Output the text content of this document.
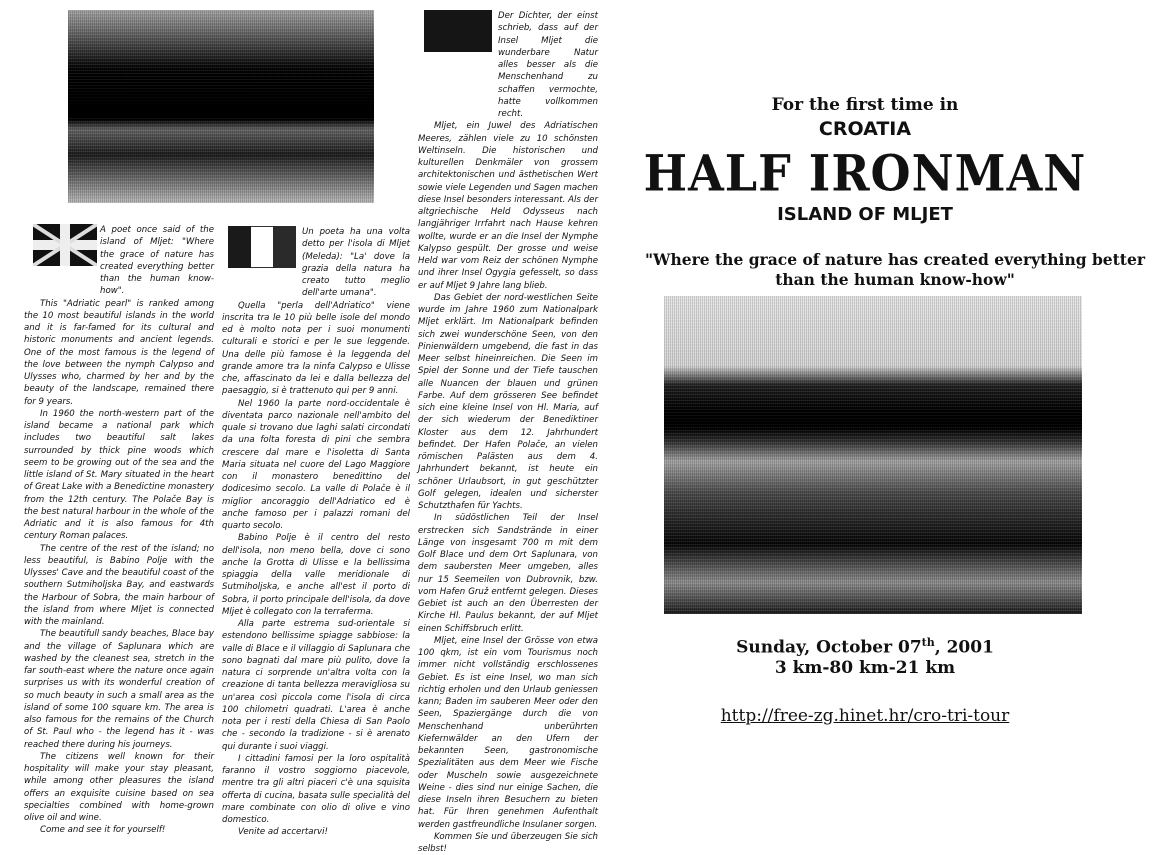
A poet once said of the island of Mljet: "Where the grace of nature has created everything better than the human know-how".

This "Adriatic pearl" is ranked among the 10 most beautiful islands in the world and it is far-famed for its cultural and historic monuments and ancient legends. One of the most famous is the legend of the love between the nymph Calypso and Ulysses who, charmed by her and by the beauty of the landscape, remained there for 9 years.

In 1960 the north-western part of the island became a national park which includes two beautiful salt lakes surrounded by thick pine woods which seem to be growing out of the sea and the little island of St. Mary situated in the heart of Great Lake with a Benedictine monastery from the 12th century. The Polače Bay is the best natural harbour in the whole of the Adriatic and it is also famous for 4th century Roman palaces.

The centre of the rest of the island; no less beautiful, is Babino Polje with the Ulysses' Cave and the beautiful coast of the southern Sutmiholjska Bay, and eastwards the Harbour of Sobra, the main harbour of the island from where Mljet is connected with the mainland.

The beautifull sandy beaches, Blace bay and the village of Saplunara which are washed by the cleanest sea, stretch in the far south-east where the nature once again surprises us with its wonderful creation of so much beauty in such a small area as the island of some 100 square km. The area is also famous for the remains of the Church of St. Paul who - the legend has it - was reached there during his journeys.

The citizens well known for their hospitality will make your stay pleasant, while among other pleasures the island offers an exquisite cuisine based on sea specialties combined with home-grown olive oil and wine.

Come and see it for yourself!

Un poeta ha una volta detto per l'isola di Mljet (Meleda): "La' dove la grazia della natura ha creato tutto meglio dell'arte umana".

Quella "perla dell'Adriatico" viene inscrita tra le 10 più belle isole del mondo ed è molto nota per i suoi monumenti culturali e storici e per le sue leggende. Una delle più famose è la leggenda del grande amore tra la ninfa Calypso e Ulisse che, affascinato da lei e dalla bellezza del paesaggio, si è trattenuto qui per 9 anni.

Nel 1960 la parte nord-occidentale è diventata parco nazionale nell'ambito del quale si trovano due laghi salati circondati da una folta foresta di pini che sembra crescere dal mare e l'isoletta di Santa Maria situata nel cuore del Lago Maggiore con il monastero benedittino del dodicesimo secolo. La valle di Polače è il miglior ancoraggio dell'Adriatico ed è anche famoso per i palazzi romani del quarto secolo.

Babino Polje è il centro del resto dell'isola, non meno bella, dove ci sono anche la Grotta di Ulisse e la bellissima spiaggia della valle meridionale di Sutmiholjska, e anche all'est il porto di Sobra, il porto principale dell'isola, da dove Mljet è collegato con la terraferma.

Alla parte estrema sud-orientale si estendono bellissime spiagge sabbiose: la valle di Blace e il villaggio di Saplunara che sono bagnati dal mare più pulito, dove la natura ci sorprende un'altra volta con la creazione di tanta bellezza meravigliosa su un'area così piccola come l'isola di circa 100 chilometri quadrati. L'area è anche nota per i resti della Chiesa di San Paolo che - secondo la tradizione - si è arenato qui durante i suoi viaggi.

I cittadini famosi per la loro ospitalità faranno il vostro soggiorno piacevole, mentre tra gli altri piaceri c'è una squisita offerta di cucina, basata sulle specialità del mare combinate con olio di olive e vino domestico.

Venite ad accertarvi!

Der Dichter, der einst schrieb, dass auf der Insel Mljet die wunderbare Natur alles besser als die Menschenhand zu schaffen vermochte, hatte vollkommen recht.

Mljet, ein Juwel des Adriatischen Meeres, zählen viele zu 10 schönsten Weltinseln. Die historischen und kulturellen Denkmäler von grossem architektonischen und ästhetischen Wert sowie viele Legenden und Sagen machen diese Insel besonders interessant. Als der altgriechische Held Odysseus nach langjähriger Irrfahrt nach Hause kehren wollte, wurde er an die Insel der Nymphe Kalypso gespült. Der grosse und weise Held war vom Reiz der schönen Nymphe und ihrer Insel Ogygia gefesselt, so dass er auf Mljet 9 Jahre lang blieb.

Das Gebiet der nord-westlichen Seite wurde im Jahre 1960 zum Nationalpark Mljet erklärt. Im Nationalpark befinden sich zwei wunderschöne Seen, von den Pinienwäldern umgebend, die fast in das Meer selbst hineinreichen. Die Seen im Spiel der Sonne und der Tiefe tauschen alle Nuancen der blauen und grünen Farbe. Auf dem grösseren See befindet sich eine kleine Insel von Hl. Maria, auf der sich wiederum der Benediktiner Kloster aus dem 12. Jahrhundert befindet. Der Hafen Polače, an vielen römischen Palästen aus dem 4. Jahrhundert bekannt, ist heute ein schöner Urlaubsort, in gut geschützter Golf gelegen, idealen und sicherster Schutzthafen für Yachts.

In südöstlichen Teil der Insel erstrecken sich Sandstrände in einer Länge von insgesamt 700 m mit dem Golf Blace und dem Ort Saplunara, von dem saubersten Meer umgeben, alles nur 15 Seemeilen von Dubrovnik, bzw. vom Hafen Gruž entfernt gelegen. Dieses Gebiet ist auch an den Überresten der Kirche Hl. Paulus bekannt, der auf Mljet einen Schiffsbruch erlitt.

Mljet, eine Insel der Grösse von etwa 100 qkm, ist ein vom Tourismus noch immer nicht vollständig erschlossenes Gebiet. Es ist eine Insel, wo man sich richtig erholen und den Urlaub geniessen kann; Baden im sauberen Meer oder den Seen, Spaziergänge durch die von Menschenhand unberührten Kiefernwälder an den Ufern der bekannten Seen, gastronomische Spezialitäten aus dem Meer wie Fische oder Muscheln sowie ausgezeichnete Weine - dies sind nur einige Sachen, die diese Inseln ihren Besuchern zu bieten hat. Für Ihren genehmen Aufenthalt werden gastfreundliche Insulaner sorgen.

Kommen Sie und überzeugen Sie sich selbst!

For the first time in
CROATIA
HALF IRONMAN
ISLAND OF MLJET
"Where the grace of nature has created everything better than the human know-how"
Sunday, October 07th, 2001
3 km-80 km-21 km
http://free-zg.hinet.hr/cro-tri-tour
